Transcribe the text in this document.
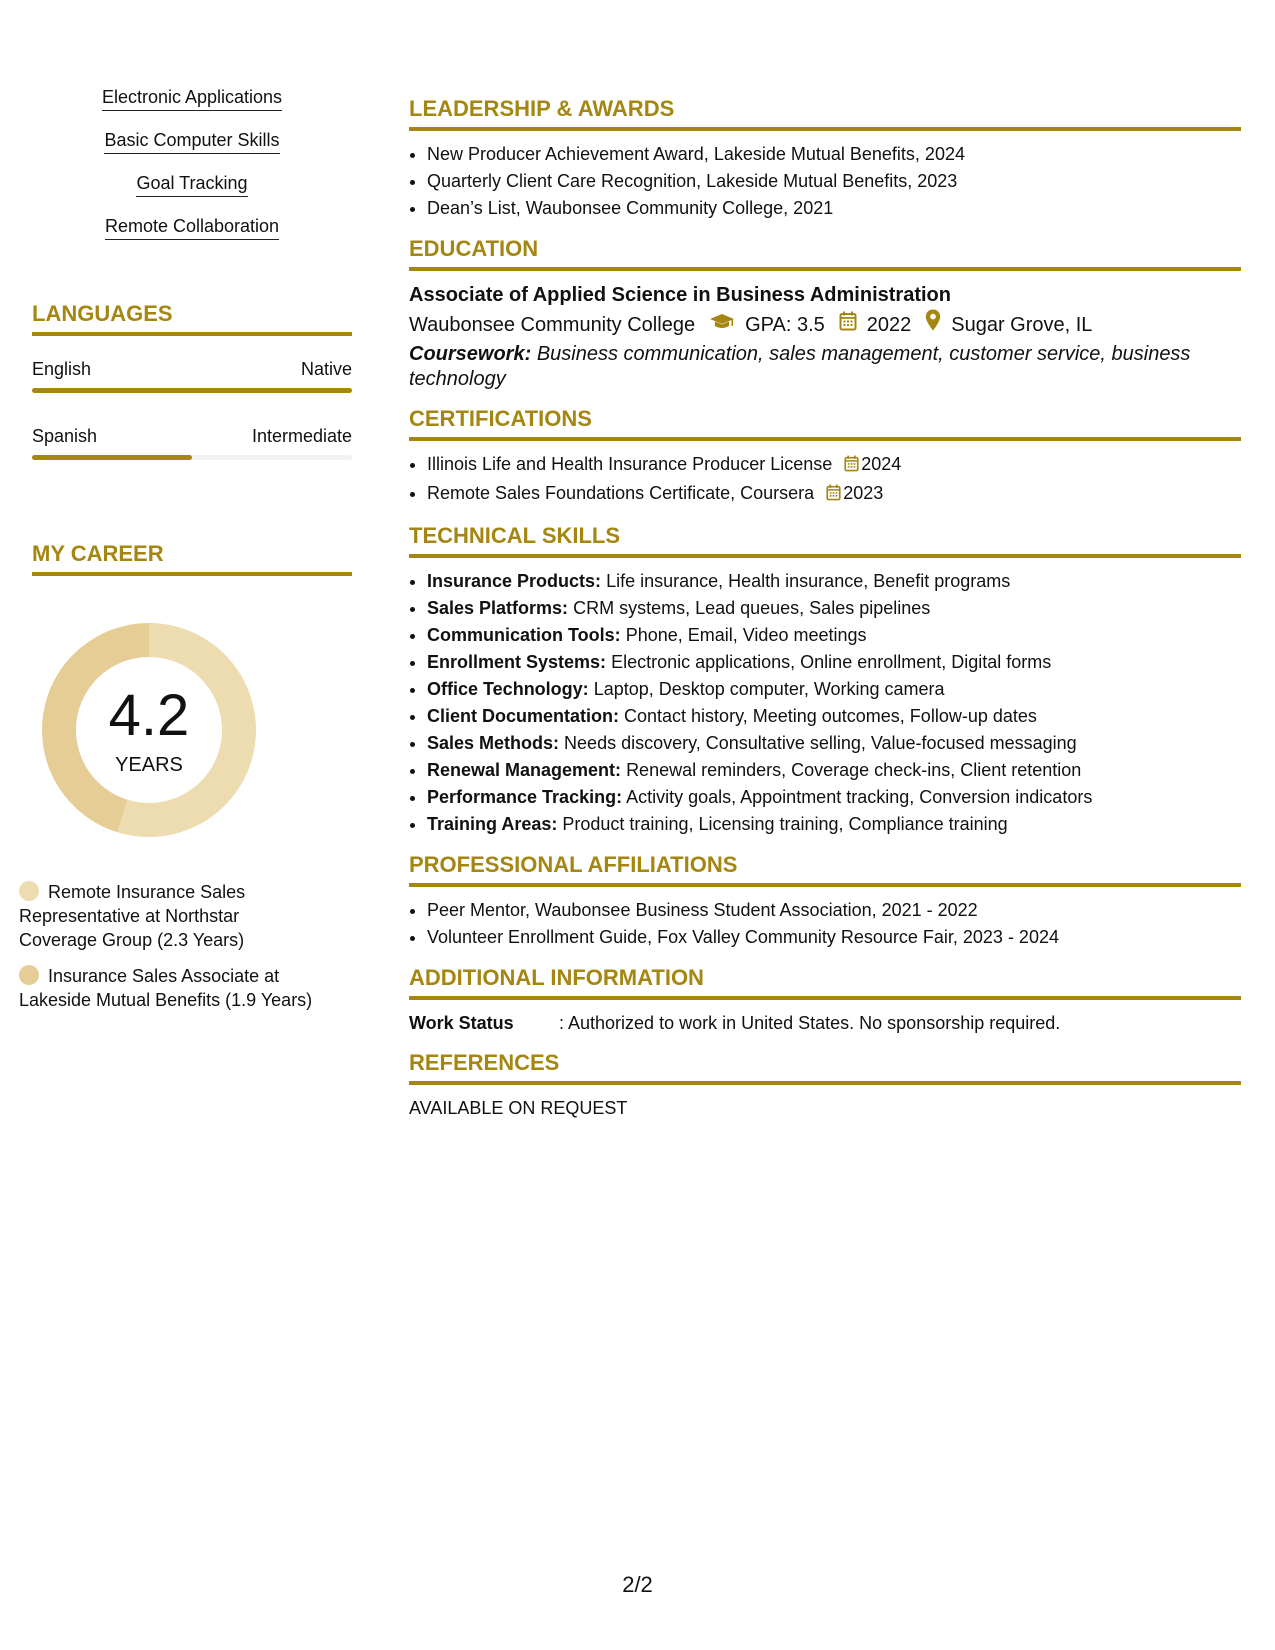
Electronic Applications
Basic Computer Skills
Goal Tracking
Remote Collaboration
LANGUAGES
English	Native
Spanish	Intermediate
MY CAREER
4.2
YEARS
Remote Insurance Sales Representative at Northstar Coverage Group (2.3 Years)
Insurance Sales Associate at Lakeside Mutual Benefits (1.9 Years)
LEADERSHIP & AWARDS
• New Producer Achievement Award, Lakeside Mutual Benefits, 2024
• Quarterly Client Care Recognition, Lakeside Mutual Benefits, 2023
• Dean’s List, Waubonsee Community College, 2021
EDUCATION
Associate of Applied Science in Business Administration
Waubonsee Community College	GPA: 3.5 2022 Sugar Grove, IL
Coursework: Business communication, sales management, customer service, business technology
CERTIFICATIONS
• Illinois Life and Health Insurance Producer License 2024
• Remote Sales Foundations Certificate, Coursera 2023
TECHNICAL SKILLS
• Insurance Products: Life insurance, Health insurance, Benefit programs
• Sales Platforms: CRM systems, Lead queues, Sales pipelines
• Communication Tools: Phone, Email, Video meetings
• Enrollment Systems: Electronic applications, Online enrollment, Digital forms
• Office Technology: Laptop, Desktop computer, Working camera
• Client Documentation: Contact history, Meeting outcomes, Follow-up dates
• Sales Methods: Needs discovery, Consultative selling, Value-focused messaging
• Renewal Management: Renewal reminders, Coverage check-ins, Client retention
• Performance Tracking: Activity goals, Appointment tracking, Conversion indicators
• Training Areas: Product training, Licensing training, Compliance training
PROFESSIONAL AFFILIATIONS
• Peer Mentor, Waubonsee Business Student Association, 2021 - 2022
• Volunteer Enrollment Guide, Fox Valley Community Resource Fair, 2023 - 2024
ADDITIONAL INFORMATION
Work Status	: Authorized to work in United States. No sponsorship required.
REFERENCES
AVAILABLE ON REQUEST
2/2
